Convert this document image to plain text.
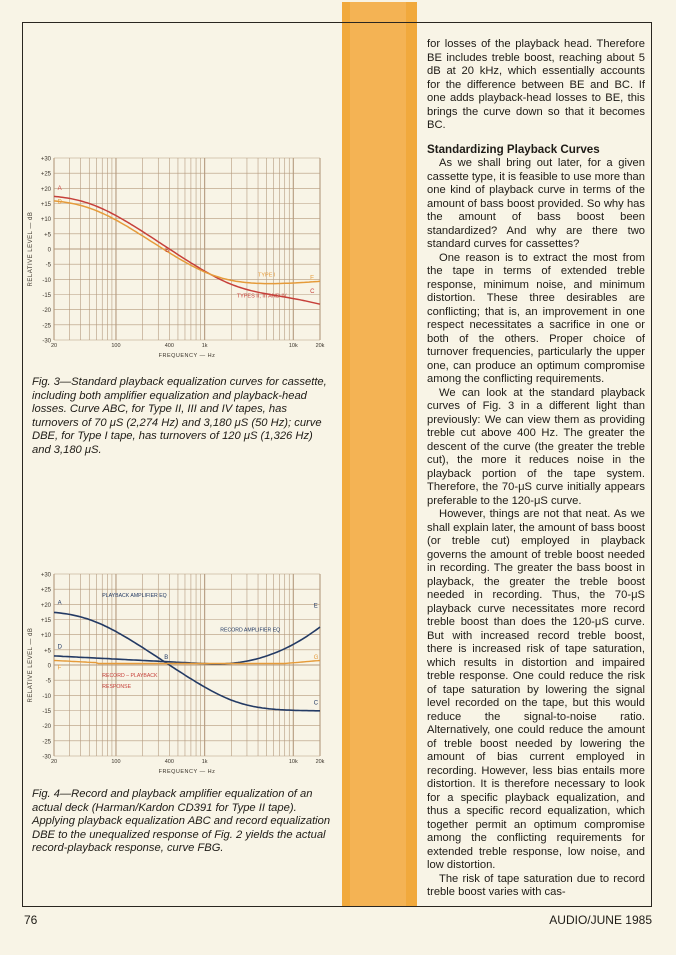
+30
+25
+20
+15
+10
+5
0
-5
-10
-15
-20
-25
-30
20	100	400	1k	10k	20k
FREQUENCY — Hz
RELATIVE LEVEL — dB
A
D
B
E
C
TYPE I
TYPES II, III AND IV

Fig. 3—Standard playback equalization curves for cassette, including both amplifier equalization and playback-head losses. Curve ABC, for Type II, III and IV tapes, has turnovers of 70 μS (2,274 Hz) and 3,180 μS (50 Hz); curve DBE, for Type I tape, has turnovers of 120 μS (1,326 Hz) and 3,180 μS.

+30
+25
+20
+15
+10
+5
0
-5
-10
-15
-20
-25
-30
20	100	400	1k	10k	20k
FREQUENCY — Hz
RELATIVE LEVEL — dB
A
D
F
B
E
G
C
PLAYBACK AMPLIFIER EQ
RECORD AMPLIFIER EQ
RECORD – PLAYBACK
RESPONSE

Fig. 4—Record and playback amplifier equalization of an actual deck (Harman/Kardon CD391 for Type II tape). Applying playback equalization ABC and record equalization DBE to the unequalized response of Fig. 2 yields the actual record-playback response, curve FBG.

for losses of the playback head. Therefore BE includes treble boost, reaching about 5 dB at 20 kHz, which essentially accounts for the difference between BE and BC. If one adds playback-head losses to BE, this brings the curve down so that it becomes BC.

Standardizing Playback Curves

As we shall bring out later, for a given cassette type, it is feasible to use more than one kind of playback curve in terms of the amount of bass boost provided. So why has the amount of bass boost been standardized? And why are there two standard curves for cassettes?

One reason is to extract the most from the tape in terms of extended treble response, minimum noise, and minimum distortion. These three desirables are conflicting; that is, an improvement in one respect necessitates a sacrifice in one or both of the others. Proper choice of turnover frequencies, particularly the upper one, can produce an optimum compromise among the conflicting requirements.

We can look at the standard playback curves of Fig. 3 in a different light than previously: We can view them as providing treble cut above 400 Hz. The greater the descent of the curve (the greater the treble cut), the more it reduces noise in the playback portion of the tape system. Therefore, the 70-μS curve initially appears preferable to the 120-μS curve.

However, things are not that neat. As we shall explain later, the amount of bass boost (or treble cut) employed in playback governs the amount of treble boost needed in recording. The greater the bass boost in playback, the greater the treble boost needed in recording. Thus, the 70-μS playback curve necessitates more record treble boost than does the 120-μS curve. But with increased record treble boost, there is increased risk of tape saturation, which results in distortion and impaired treble response. One could reduce the risk of tape saturation by lowering the signal level recorded on the tape, but this would reduce the signal-to-noise ratio. Alternatively, one could reduce the amount of treble boost needed by lowering the amount of bias current employed in recording. However, less bias entails more distortion. It is therefore necessary to look for a specific playback equalization, and thus a specific record equalization, which together permit an optimum compromise among the conflicting requirements for extended treble response, low noise, and low distortion.

The risk of tape saturation due to record treble boost varies with cas-

76	AUDIO/JUNE 1985
